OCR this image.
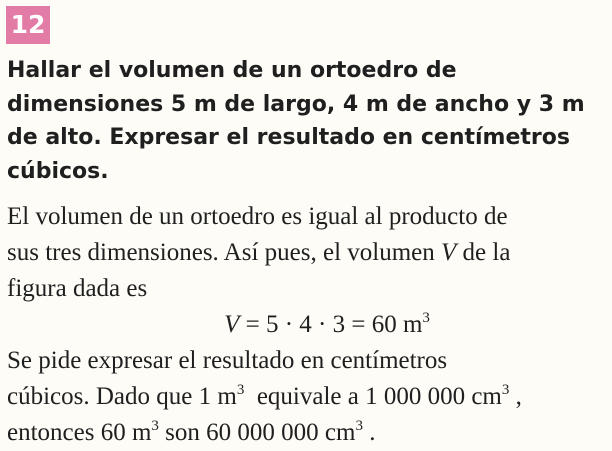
12
Hallar el volumen de un ortoedro de
dimensiones 5 m de largo, 4 m de ancho y 3 m
de alto. Expresar el resultado en centímetros
cúbicos.
El volumen de un ortoedro es igual al producto de
sus tres dimensiones. Así pues, el volumen V de la
figura dada es
V = 5 · 4 · 3 = 60 $m^3$
Se pide expresar el resultado en centímetros
cúbicos. Dado que 1 $m^3$  equivale a 1 000 000 $cm^3$ ,
entonces 60 $m^3$ son 60 000 000 $cm^3$ .
